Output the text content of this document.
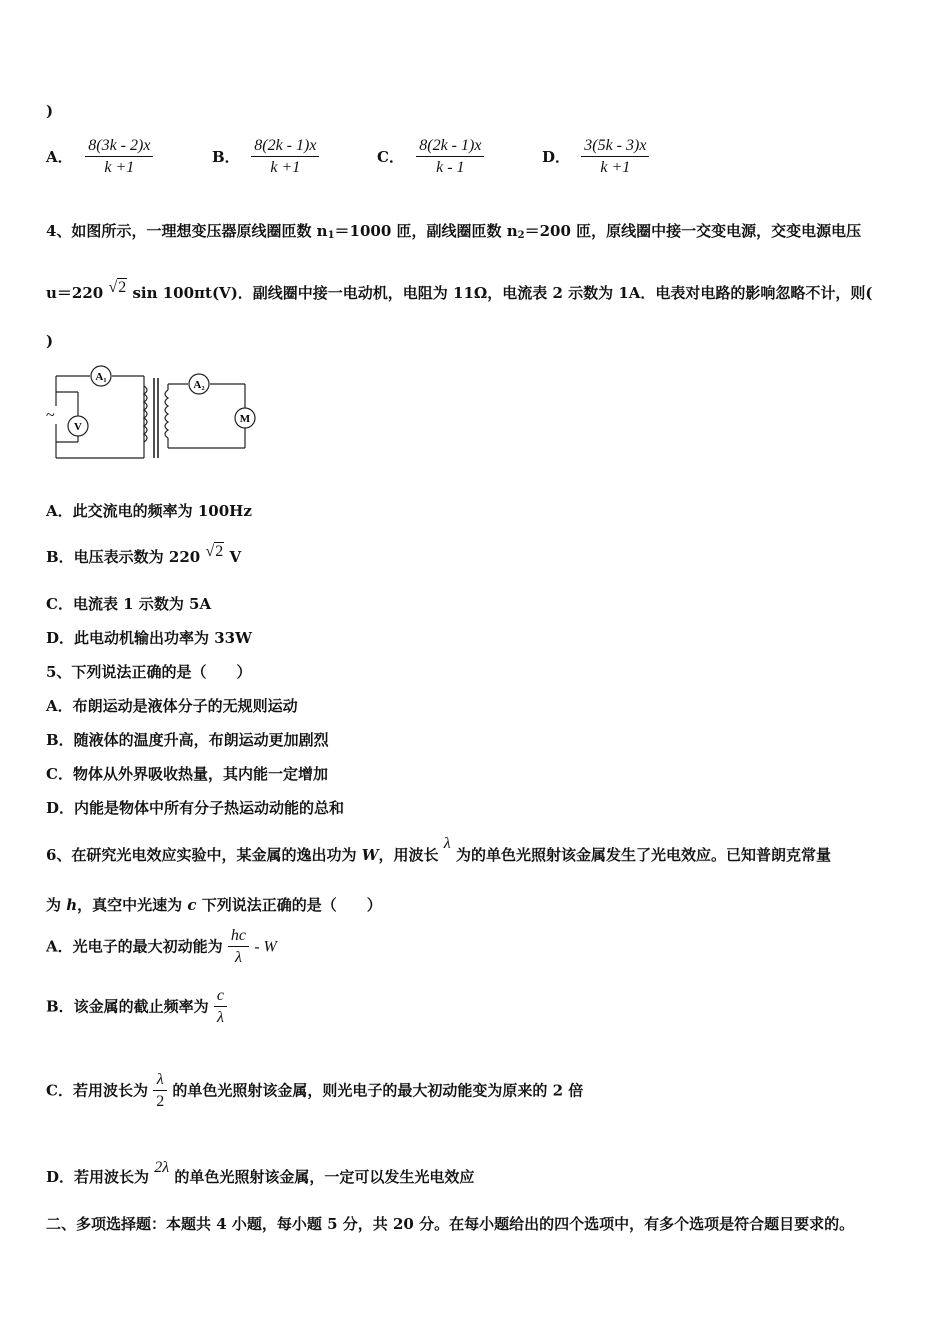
)
A． $\frac{8(3k - 2)x}{k +1}$	B． $\frac{8(2k - 1)x}{k +1}$	C． $\frac{8(2k - 1)x}{k - 1}$	D． $\frac{3(5k - 3)x}{k +1}$
4、如图所示，一理想变压器原线圈匝数 $n_1=1000$ 匝，副线圈匝数 $n_2=200$ 匝，原线圈中接一交变电源，交变电源电压
u＝220 √2 sin 100πt(V)．副线圈中接一电动机，电阻为 11Ω，电流表 2 示数为 1A．电表对电路的影响忽略不计，则(
)
A₁
V
A₂
M
~
A．此交流电的频率为 100Hz
B．电压表示数为 220 √2 V
C．电流表 1 示数为 5A
D．此电动机输出功率为 33W
5、下列说法正确的是（　　）
A．布朗运动是液体分子的无规则运动
B．随液体的温度升高，布朗运动更加剧烈
C．物体从外界吸收热量，其内能一定增加
D．内能是物体中所有分子热运动动能的总和
6、在研究光电效应实验中，某金属的逸出功为 W，用波长 λ 为的单色光照射该金属发生了光电效应。已知普朗克常量
为 h，真空中光速为 c 下列说法正确的是（　　）
A．光电子的最大初动能为 $\frac{hc}{\lambda}$ - W
B．该金属的截止频率为 $\frac{c}{\lambda}$
C．若用波长为 $\frac{\lambda}{2}$ 的单色光照射该金属，则光电子的最大初动能变为原来的 2 倍
D．若用波长为 2λ 的单色光照射该金属，一定可以发生光电效应
二、多项选择题：本题共 4 小题，每小题 5 分，共 20 分。在每小题给出的四个选项中，有多个选项是符合题目要求的。
